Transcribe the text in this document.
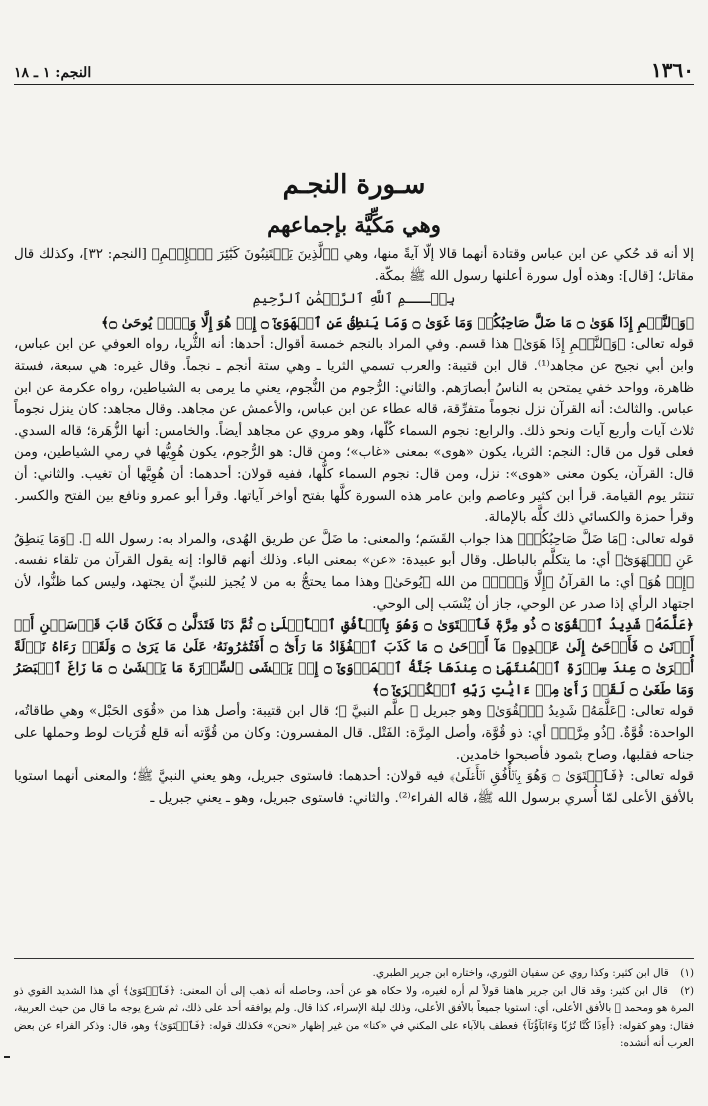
١٣٦٠
النجم: ١ ـ ١٨
سـورة النجـم
وهي مَكِّيَّة بإجماعهم

إلا أنه قد حُكي عن ابن عباس وقتادة أنهما قالا إلّا آيةً منها، وهي ﴿ٱلَّذِينَ يَجۡتَنِبُونَ كَبَٰٓئِرَ ٱلۡإِثۡمِ﴾ [النجم: ٣٢]، وكذلك قال مقاتل؛ [قال]: وهذه أول سورة أعلنها رسول الله ﷺ بمكّة.

بِسۡـــمِ ٱللَّهِ ٱلرَّحۡمَٰنِ ٱلرَّحِيمِ

﴿وَٱلنَّجۡمِ إِذَا هَوَىٰ ۝ مَا ضَلَّ صَاحِبُكُمۡ وَمَا غَوَىٰ ۝ وَمَا يَنطِقُ عَنِ ٱلۡهَوَىٰٓ ۝ إِنۡ هُوَ إِلَّا وَحۡيٞ يُوحَىٰ ۝﴾

قوله تعالى: ﴿وَٱلنَّجۡمِ إِذَا هَوَىٰ﴾ هذا قسم. وفي المراد بالنجم خمسة أقوال: أحدها: أنه الثُّريا، رواه العوفي عن ابن عباس، وابن أبي نجيح عن مجاهد⁽¹⁾. قال ابن قتيبة: والعرب تسمي الثريا ـ وهي ستة أنجم ـ نجماً. وقال غيره: هي سبعة، فستة ظاهرة، وواحد خفي يمتحن به الناسُ أبصارَهم. والثاني: الرُّجوم من النُّجوم، يعني ما يرمى به الشياطين، رواه عكرمة عن ابن عباس. والثالث: أنه القرآن نزل نجوماً متفرِّقة، قاله عطاء عن ابن عباس، والأعمش عن مجاهد. وقال مجاهد: كان ينزل نجوماً ثلاث آيات وأربع آيات ونحو ذلك. والرابع: نجوم السماء كُلّها، وهو مروي عن مجاهد أيضاً. والخامس: أنها الزُّهَرة؛ قاله السدي. فعلى قول من قال: النجم: الثريا، يكون «هوى» بمعنى «غاب»؛ ومن قال: هو الرُّجوم، يكون هُوِيُّها في رمي الشياطين، ومن قال: القرآن، يكون معنى «هوى»: نزل، ومن قال: نجوم السماء كلُّها، ففيه قولان: أحدهما: أن هُوِيَّها أن تغيب. والثاني: أن تنتثر يوم القيامة. قرأ ابن كثير وعاصم وابن عامر هذه السورة كلَّها بفتح أواخر آياتها. وقرأ أبو عمرو ونافع بين الفتح والكسر. وقرأ حمزة والكسائي ذلك كلَّه بالإمالة.

قوله تعالى: ﴿مَا ضَلَّ صَاحِبُكُمۡ﴾ هذا جواب القَسَم؛ والمعنى: ما ضَلَّ عن طريق الهُدى، والمراد به: رسول الله ﷺ. ﴿وَمَا يَنطِقُ عَنِ ٱلۡهَوَىٰٓ﴾ أي: ما يتكلَّم بالباطل. وقال أبو عبيدة: «عن» بمعنى الباء. وذلك أنهم قالوا: إنه يقول القرآن من تلقاء نفسه. ﴿إِنۡ هُوَ﴾ أي: ما القرآنُ ﴿إِلَّا وَحۡيٞ﴾ من الله ﴿يُوحَىٰ﴾ وهذا مما يحتجُّ به من لا يُجيز للنبيِّ أن يجتهد، وليس كما ظنُّوا، لأن اجتهاد الرأي إذا صدر عن الوحي، جاز أن يُنْسَب إلى الوحي.

﴿عَلَّمَهُۥ شَدِيدُ ٱلۡقُوَىٰ ۝ ذُو مِرَّةٖ فَٱسۡتَوَىٰ ۝ وَهُوَ بِٱلۡأُفُقِ ٱلۡأَعۡلَىٰ ۝ ثُمَّ دَنَا فَتَدَلَّىٰ ۝ فَكَانَ قَابَ قَوۡسَيۡنِ أَوۡ أَدۡنَىٰ ۝ فَأَوۡحَىٰٓ إِلَىٰ عَبۡدِهِۦ مَآ أَوۡحَىٰ ۝ مَا كَذَبَ ٱلۡفُؤَادُ مَا رَأَىٰٓ ۝ أَفَتُمَٰرُونَهُۥ عَلَىٰ مَا يَرَىٰ ۝ وَلَقَدۡ رَءَاهُ نَزۡلَةً أُخۡرَىٰ ۝ عِندَ سِدۡرَةِ ٱلۡمُنتَهَىٰ ۝ عِندَهَا جَنَّةُ ٱلۡمَأۡوَىٰٓ ۝ إِذۡ يَغۡشَى ٱلسِّدۡرَةَ مَا يَغۡشَىٰ ۝ مَا زَاغَ ٱلۡبَصَرُ وَمَا طَغَىٰ ۝ لَقَدۡ رَأَىٰ مِنۡ ءَايَٰتِ رَبِّهِ ٱلۡكُبۡرَىٰٓ ۝﴾

قوله تعالى: ﴿عَلَّمَهُۥ شَدِيدُ ٱلۡقُوَىٰ﴾ وهو جبريل ﷺ علَّم النبيَّ ﷺ؛ قال ابن قتيبة: وأصل هذا من «قُوَى الحَبْل» وهي طاقاتُه، الواحدة: قُوَّةٌ. ﴿ذُو مِرَّةٖ﴾ أي: ذو قُوَّة، وأصل المِرَّة: الفَتْل. قال المفسرون: وكان من قُوَّته أنه قلع قُرَيات لوط وحملها على جناحه فقلبها، وصاح بثمود فأصبحوا خامدين.

قوله تعالى: ﴿فَٱسۡتَوَىٰ ۝ وَهُوَ بِٱلۡأُفُقِ ٱلۡأَعۡلَىٰ﴾ فيه قولان: أحدهما: فاستوى جبريل، وهو يعني النبيَّ ﷺ؛ والمعنى أنهما استويا بالأفق الأعلى لمّا أُسري برسول الله ﷺ، قاله الفراء⁽²⁾. والثاني: فاستوى جبريل، وهو ـ يعني جبريل ـ

(١) قال ابن كثير: وكذا روي عن سفيان الثوري، واختاره ابن جرير الطبري.

(٢) قال ابن كثير: وقد قال ابن جرير هاهنا قولاً لم أره لغيره، ولا حكاه هو عن أحد، وحاصله أنه ذهب إلى أن المعنى: ﴿فَٱسۡتَوَىٰ﴾ أي هذا الشديد القوي ذو المرة هو ومحمد ﷺ بالأفق الأعلى، أي: استويا جميعاً بالأفق الأعلى، وذلك ليلة الإسراء، كذا قال. ولم يوافقه أحد على ذلك، ثم شرع يوجه ما قال من حيث العربية، فقال: وهو كقوله: ﴿أَءِذَا كُنَّا تُرَٰبٗا وَءَابَآؤُنَآ﴾ فعطف بالآباء على المكني في «كنا» من غير إظهار «نحن» فكذلك قوله: ﴿فَٱسۡتَوَىٰ﴾ وهو، قال: وذكر الفراء عن بعض العرب أنه أنشده:
